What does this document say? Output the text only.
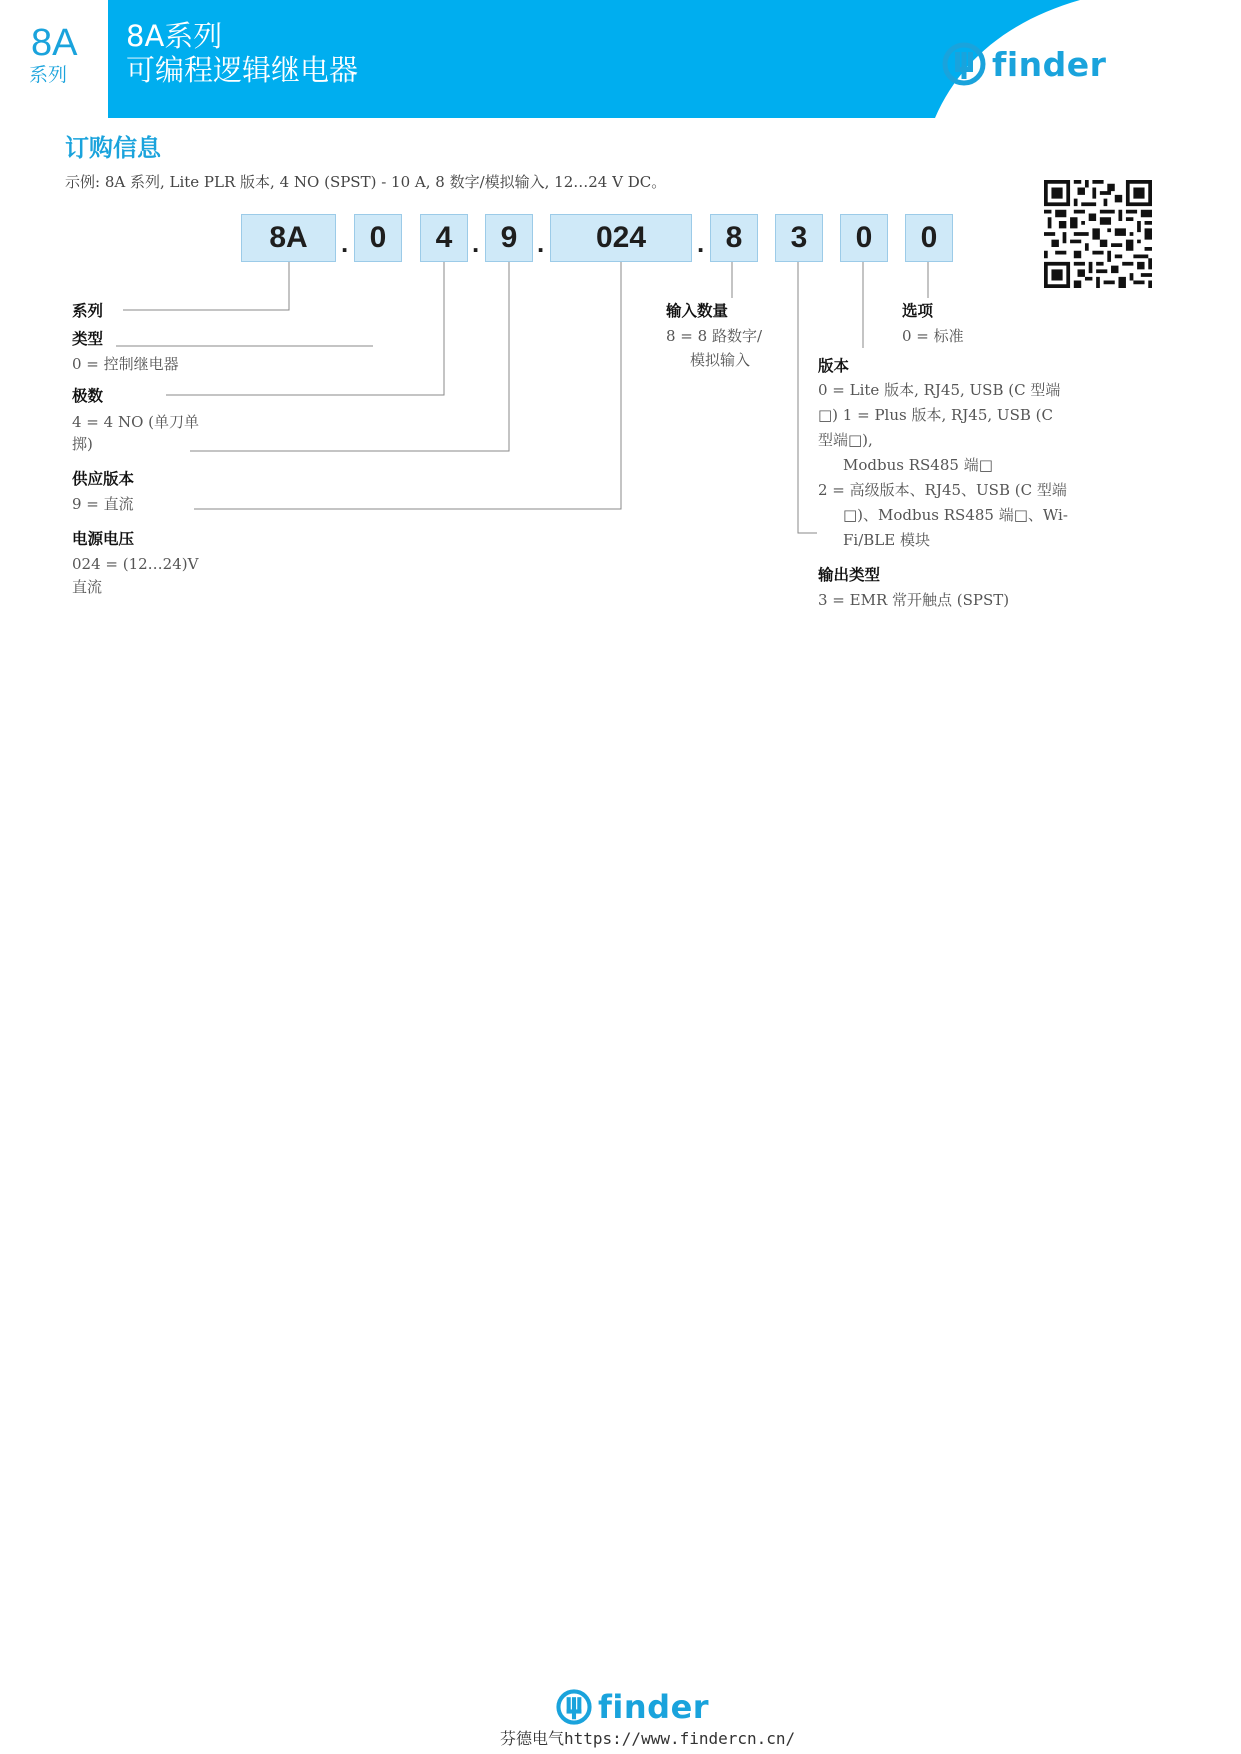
8A
系列
8A系列
可编程逻辑继电器	finder
订购信息
示例: 8A 系列, Lite PLR 版本, 4 NO (SPST) - 10 A, 8 数字/模拟输入, 12…24 V DC。
8A	. 0	4 . 9 .	024	. 8	3	0	0
系列
类型
0 = 控制继电器
极数
4 = 4 NO (单刀单
掷)
供应版本
9 = 直流
电源电压
024 = (12…24)V
直流
输入数量
8 = 8 路数字/
模拟输入
选项
0 = 标准
版本
0 = Lite 版本, RJ45, USB (C 型端
□) 1 = Plus 版本, RJ45, USB (C
型端□),
Modbus RS485 端□
2 = 高级版本、RJ45、USB (C 型端
□)、Modbus RS485 端□、Wi-
Fi/BLE 模块
输出类型
3 = EMR 常开触点 (SPST)
finder
芬德电气https://www.findercn.cn/
